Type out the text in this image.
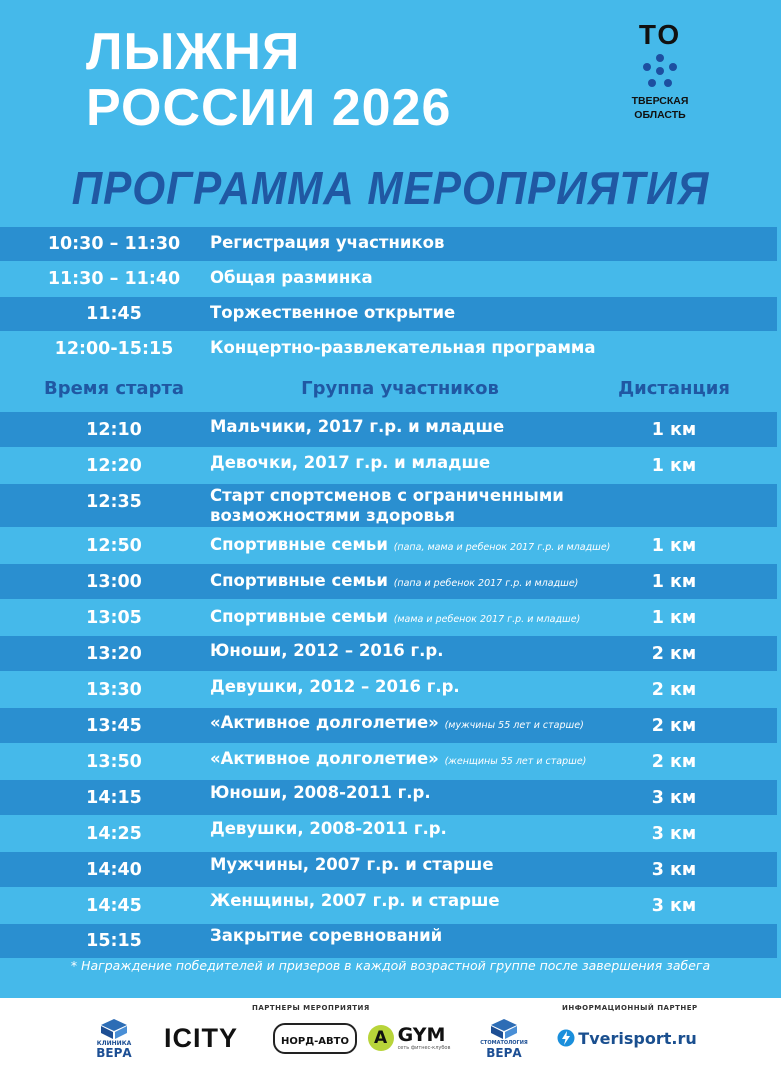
ЛЫЖНЯ
РОССИИ 2026
ТО
ТВЕРСКАЯ
ОБЛАСТЬ
ПРОГРАММА МЕРОПРИЯТИЯ
10:30 – 11:30	Регистрация участников
11:30 – 11:40	Общая разминка
11:45	Торжественное открытие
12:00-15:15	Концертно-развлекательная программа
Время старта	Группа участников	Дистанция
12:10	Мальчики, 2017 г.р. и младше	1 км
12:20	Девочки, 2017 г.р. и младше	1 км
12:35	Старт спортсменов с ограниченными возможностями здоровья
12:50	Спортивные семьи (папа, мама и ребенок 2017 г.р. и младше)	1 км
13:00	Спортивные семьи (папа и ребенок 2017 г.р. и младше)	1 км
13:05	Спортивные семьи (мама и ребенок 2017 г.р. и младше)	1 км
13:20	Юноши, 2012 – 2016 г.р.	2 км
13:30	Девушки, 2012 – 2016 г.р.	2 км
13:45	«Активное долголетие» (мужчины 55 лет и старше)	2 км
13:50	«Активное долголетие» (женщины 55 лет и старше)	2 км
14:15	Юноши, 2008-2011 г.р.	3 км
14:25	Девушки, 2008-2011 г.р.	3 км
14:40	Мужчины, 2007 г.р. и старше	3 км
14:45	Женщины, 2007 г.р. и старше	3 км
15:15	Закрытие соревнований

* Награждение победителей и призеров в каждой возрастной группе после завершения забега

ПАРТНЕРЫ МЕРОПРИЯТИЯ	ИНФОРМАЦИОННЫЙ ПАРТНЕР
КЛИНИКА
ВЕРА ICITY	НОРД-АВТО	A GYM
сеть фитнес-клубов
СТОМАТОЛОГИЯ
ВЕРА
Tverisport.ru
